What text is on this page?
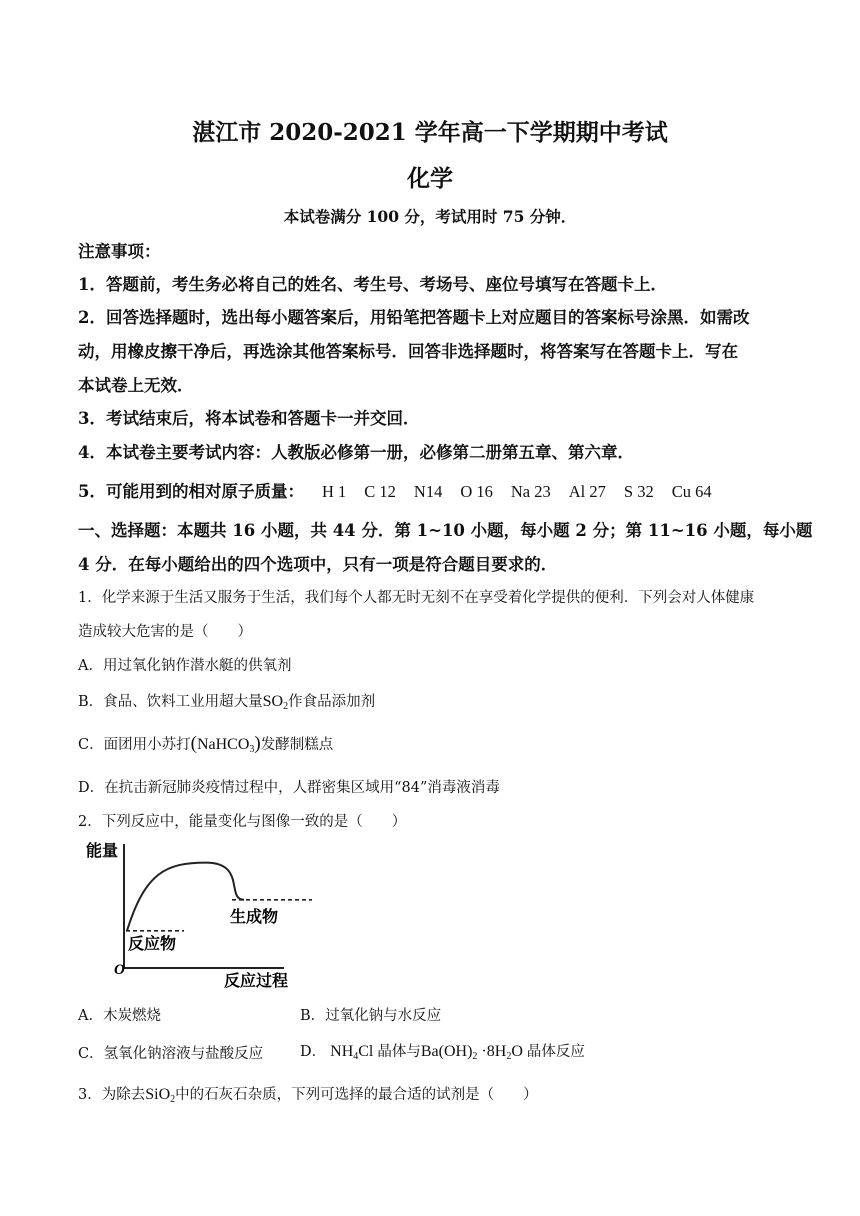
湛江市 2020-2021 学年高一下学期期中考试
化学
本试卷满分 100 分，考试用时 75 分钟．
注意事项：
1．答题前，考生务必将自己的姓名、考生号、考场号、座位号填写在答题卡上．
2．回答选择题时，选出每小题答案后，用铅笔把答题卡上对应题目的答案标号涂黑．如需改
动，用橡皮擦干净后，再选涂其他答案标号．回答非选择题时，将答案写在答题卡上．写在
本试卷上无效．
3．考试结束后，将本试卷和答题卡一并交回．
4．本试卷主要考试内容：人教版必修第一册，必修第二册第五章、第六章．
5．可能用到的相对原子质量： H 1 C 12 N14 O 16 Na 23 Al 27 S 32 Cu 64
一、选择题：本题共 16 小题，共 44 分．第 1~10 小题，每小题 2 分；第 11~16 小题，每小题
4 分．在每小题给出的四个选项中，只有一项是符合题目要求的．
1．化学来源于生活又服务于生活，我们每个人都无时无刻不在享受着化学提供的便利．下列会对人体健康
造成较大危害的是（　　）
A．用过氧化钠作潜水艇的供氧剂
B．食品、饮料工业用超大量$SO_2$作食品添加剂
C．面团用小苏打(NaHCO$_3$)发酵制糕点
D．在抗击新冠肺炎疫情过程中，人群密集区域用“84”消毒液消毒
2．下列反应中，能量变化与图像一致的是（　　）
能量
O
反应过程
反应物
生成物
A．木炭燃烧	B．过氧化钠与水反应
C．氢氧化钠溶液与盐酸反应	D． $NH_4Cl$ 晶体与$Ba(OH)_2 \cdot 8H_2O$ 晶体反应
3．为除去SiO$_2$中的石灰石杂质，下列可选择的最合适的试剂是（　　）
